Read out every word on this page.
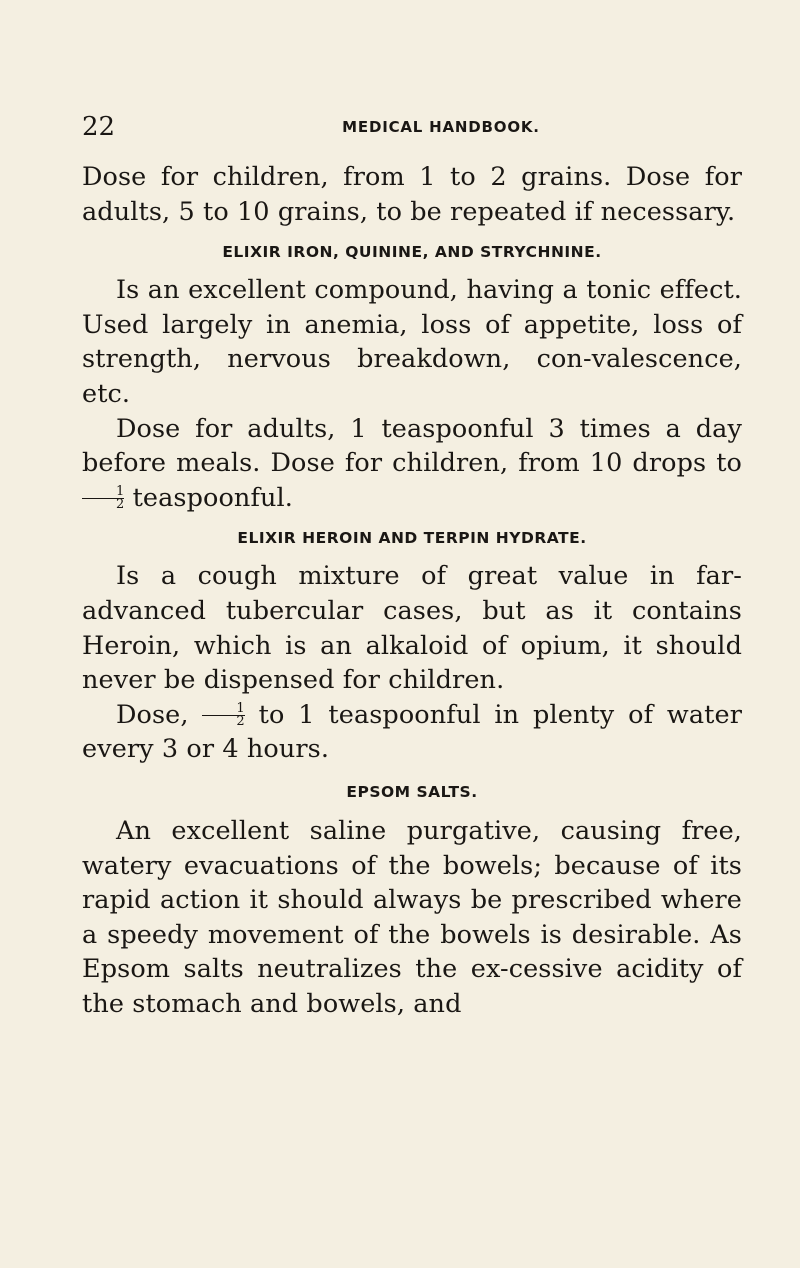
22	MEDICAL HANDBOOK.

Dose for children, from 1 to 2 grains. Dose for adults, 5 to 10 grains, to be repeated if necessary.

ELIXIR IRON, QUININE, AND STRYCHNINE.

Is an excellent compound, having a tonic effect. Used largely in anemia, loss of appetite, loss of strength, nervous breakdown, con-valescence, etc.

Dose for adults, 1 teaspoonful 3 times a day before meals. Dose for children, from 10 drops to
$\frac{1}{2}$ teaspoonful.

ELIXIR HEROIN AND TERPIN HYDRATE.

Is a cough mixture of great value in far-advanced tubercular cases, but as it contains Heroin, which is an alkaloid of opium, it should never be dispensed for children.

Dose, $\frac{1}{2}$ to 1 teaspoonful in plenty of water every 3 or 4 hours.

EPSOM SALTS.

An excellent saline purgative, causing free, watery evacuations of the bowels; because of its rapid action it should always be prescribed where a speedy movement of the bowels is desirable. As Epsom salts neutralizes the ex-cessive acidity of the stomach and bowels, and
